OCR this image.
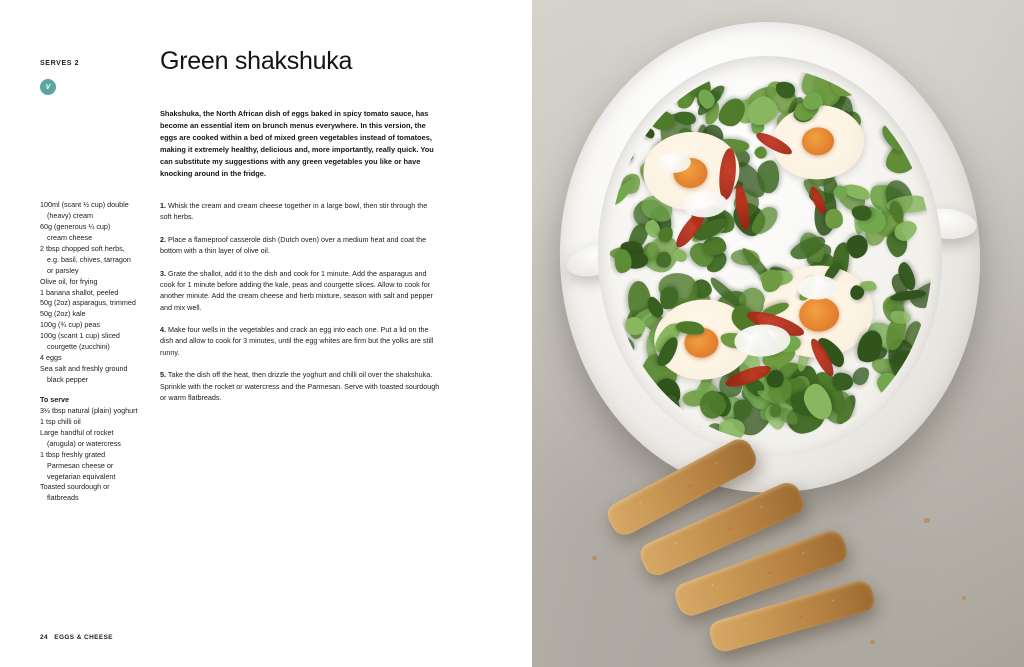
SERVES 2
V
Green shakshuka
Shakshuka, the North African dish of eggs baked in spicy tomato sauce, has become an essential item on brunch menus everywhere. In this version, the eggs are cooked within a bed of mixed green vegetables instead of tomatoes, making it extremely healthy, delicious and, more importantly, really quick. You can substitute my suggestions with any green vegetables you like or have knocking around in the fridge.
100ml (scant ½ cup) double
(heavy) cream
60g (generous ¼ cup)
cream cheese
2 tbsp chopped soft herbs,
e.g. basil, chives, tarragon
or parsley
Olive oil, for frying
1 banana shallot, peeled
50g (2oz) asparagus, trimmed
50g (2oz) kale
100g (¾ cup) peas
100g (scant 1 cup) sliced
courgette (zucchini)
4 eggs
Sea salt and freshly ground
black pepper
To serve
3½ tbsp natural (plain) yoghurt
1 tsp chilli oil
Large handful of rocket
(arugula) or watercress
1 tbsp freshly grated
Parmesan cheese or
vegetarian equivalent
Toasted sourdough or
flatbreads

1. Whisk the cream and cream cheese together in a large bowl, then stir through the soft herbs.

2. Place a flameproof casserole dish (Dutch oven) over a medium heat and coat the bottom with a thin layer of olive oil.

3. Grate the shallot, add it to the dish and cook for 1 minute. Add the asparagus and cook for 1 minute before adding the kale, peas and courgette slices. Allow to cook for another minute. Add the cream cheese and herb mixture, season with salt and pepper and mix well.

4. Make four wells in the vegetables and crack an egg into each one. Put a lid on the dish and allow to cook for 3 minutes, until the egg whites are firm but the yolks are still runny.

5. Take the dish off the heat, then drizzle the yoghurt and chilli oil over the shakshuka. Sprinkle with the rocket or watercress and the Parmesan. Serve with toasted sourdough or warm flatbreads.

24 EGGS & CHEESE
